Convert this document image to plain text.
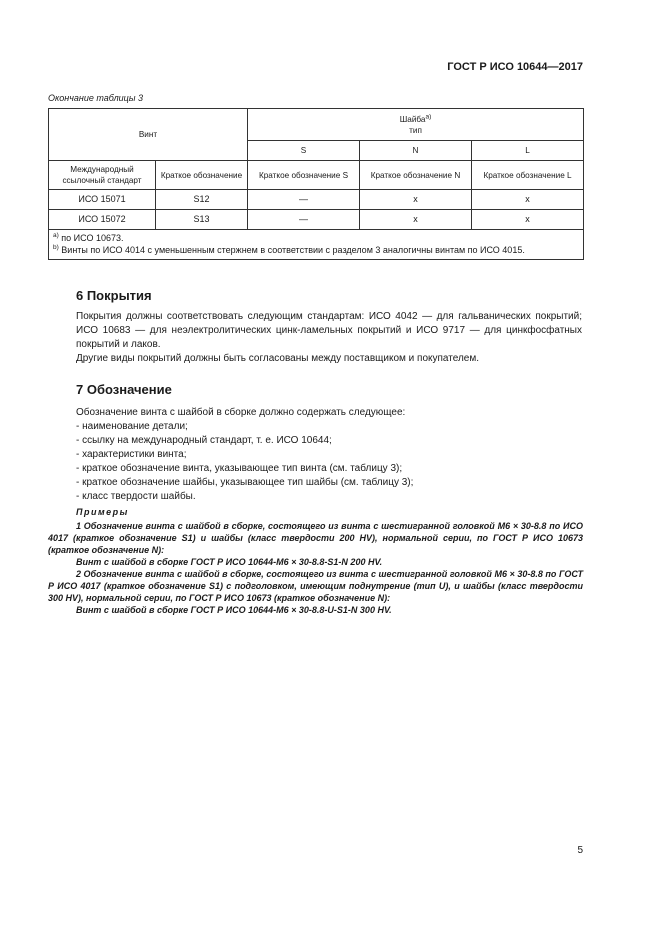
ГОСТ Р ИСО 10644—2017
Окончание таблицы 3
Винт		Шайба$^{а)}$
тип		
		S	N	L
Международный ссылочный стандарт	Краткое обозначение	Краткое обозначение S	Краткое обозначение N	Краткое обозначение L
ИСО 15071	S12	—	x	x
ИСО 15072	S13	—	x	x

$^{а)}$ по ИСО 10673.

$^{b)}$ Винты по ИСО 4014 с уменьшенным стержнем в соответствии с разделом 3 аналогичны винтам по ИСО 4015.				

6 Покрытия

Покрытия должны соответствовать следующим стандартам: ИСО 4042 — для гальванических покрытий; ИСО 10683 — для неэлектролитических цинк-ламельных покрытий и ИСО 9717 — для цинкфосфатных покрытий и лаков.

Другие виды покрытий должны быть согласованы между поставщиком и покупателем.

7 Обозначение

Обозначение винта с шайбой в сборке должно содержать следующее:

- наименование детали;
- ссылку на международный стандарт, т. е. ИСО 10644;
- характеристики винта;
- краткое обозначение винта, указывающее тип винта (см. таблицу 3);
- краткое обозначение шайбы, указывающее тип шайбы (см. таблицу 3);
- класс твердости шайбы.
Примеры

1 Обозначение винта с шайбой в сборке, состоящего из винта с шестигранной головкой M6 × 30-8.8 по ИСО 4017 (краткое обозначение S1) и шайбы (класс твердости 200 HV), нормальной серии, по ГОСТ Р ИСО 10673 (краткое обозначение N):

Винт с шайбой в сборке ГОСТ Р ИСО 10644-M6 × 30-8.8-S1-N 200 HV.

2 Обозначение винта с шайбой в сборке, состоящего из винта с шестигранной головкой M6 × 30-8.8 по ГОСТ Р ИСО 4017 (краткое обозначение S1) с подголовком, имеющим поднутрение (тип U), и шайбы (класс твердости 300 HV), нормальной серии, по ГОСТ Р ИСО 10673 (краткое обозначение N):

Винт с шайбой в сборке ГОСТ Р ИСО 10644-M6 × 30-8.8-U-S1-N 300 HV.

5
